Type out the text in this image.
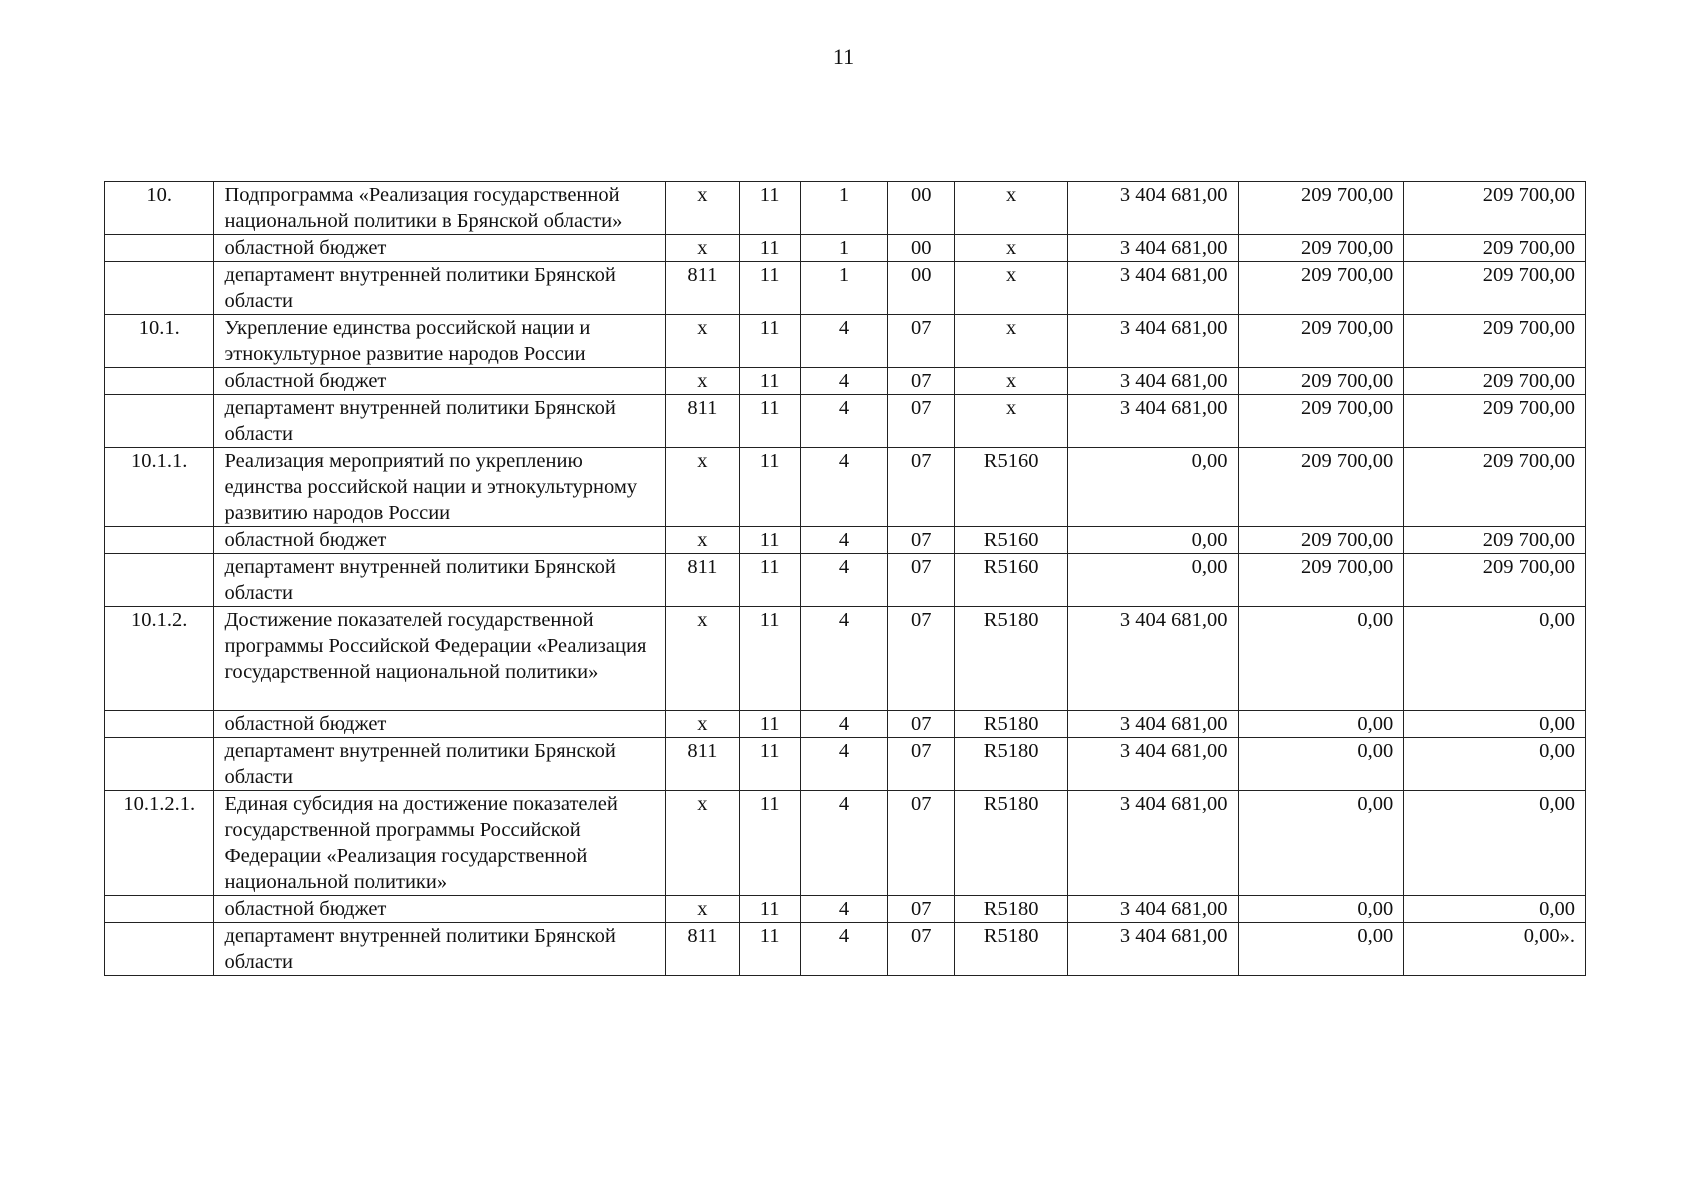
11
10.	Подпрограмма «Реализация государственной национальной политики в Брянской области»	х	11	1	00	х	3 404 681,00	209 700,00	209 700,00
	областной бюджет	х	11	1	00	х	3 404 681,00	209 700,00	209 700,00
	департамент внутренней политики Брянской области	811	11	1	00	х	3 404 681,00	209 700,00	209 700,00
10.1.	Укрепление единства российской нации и этнокультурное развитие народов России	х	11	4	07	х	3 404 681,00	209 700,00	209 700,00
	областной бюджет	х	11	4	07	х	3 404 681,00	209 700,00	209 700,00
	департамент внутренней политики Брянской области	811	11	4	07	х	3 404 681,00	209 700,00	209 700,00
10.1.1.	Реализация мероприятий по укреплению единства российской нации и этнокультурному развитию народов России	х	11	4	07	R5160	0,00	209 700,00	209 700,00
	областной бюджет	х	11	4	07	R5160	0,00	209 700,00	209 700,00
	департамент внутренней политики Брянской области	811	11	4	07	R5160	0,00	209 700,00	209 700,00
10.1.2.	Достижение показателей государственной программы Российской Федерации «Реализация государственной национальной политики»	х	11	4	07	R5180	3 404 681,00	0,00	0,00
	областной бюджет	х	11	4	07	R5180	3 404 681,00	0,00	0,00
	департамент внутренней политики Брянской области	811	11	4	07	R5180	3 404 681,00	0,00	0,00
10.1.2.1.	Единая субсидия на достижение показателей государственной программы Российской Федерации «Реализация государственной национальной политики»	х	11	4	07	R5180	3 404 681,00	0,00	0,00
	областной бюджет	х	11	4	07	R5180	3 404 681,00	0,00	0,00
	департамент внутренней политики Брянской области	811	11	4	07	R5180	3 404 681,00	0,00	0,00».
